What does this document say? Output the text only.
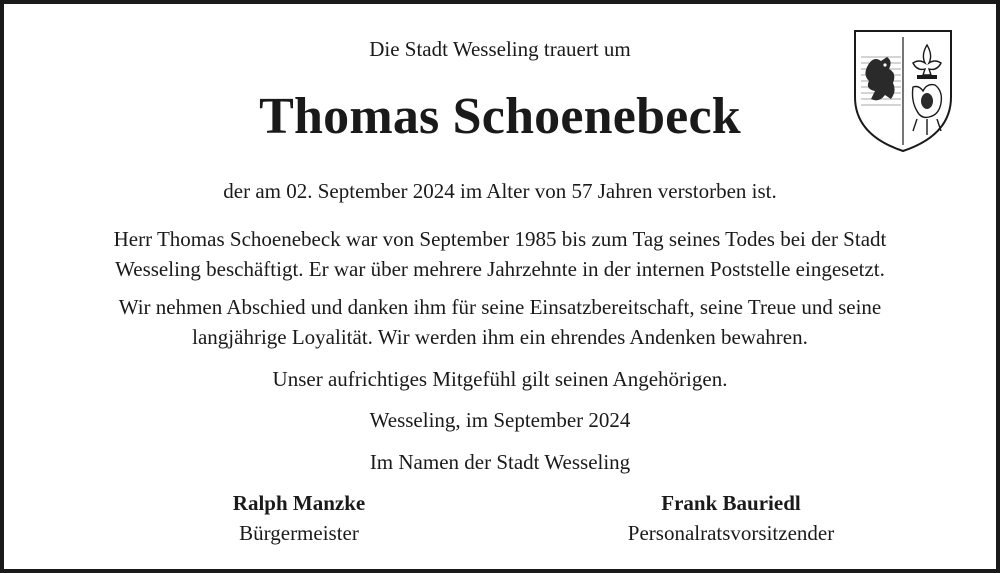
Die Stadt Wesseling trauert um
Thomas Schoenebeck
der am 02. September 2024 im Alter von 57 Jahren verstorben ist.
Herr Thomas Schoenebeck war von September 1985 bis zum Tag seines Todes bei der Stadt
Wesseling beschäftigt. Er war über mehrere Jahrzehnte in der internen Poststelle eingesetzt.
Wir nehmen Abschied und danken ihm für seine Einsatzbereitschaft, seine Treue und seine
langjährige Loyalität. Wir werden ihm ein ehrendes Andenken bewahren.
Unser aufrichtiges Mitgefühl gilt seinen Angehörigen.
Wesseling, im September 2024
Im Namen der Stadt Wesseling
Ralph Manzke
Bürgermeister
Frank Bauriedl
Personalratsvorsitzender
